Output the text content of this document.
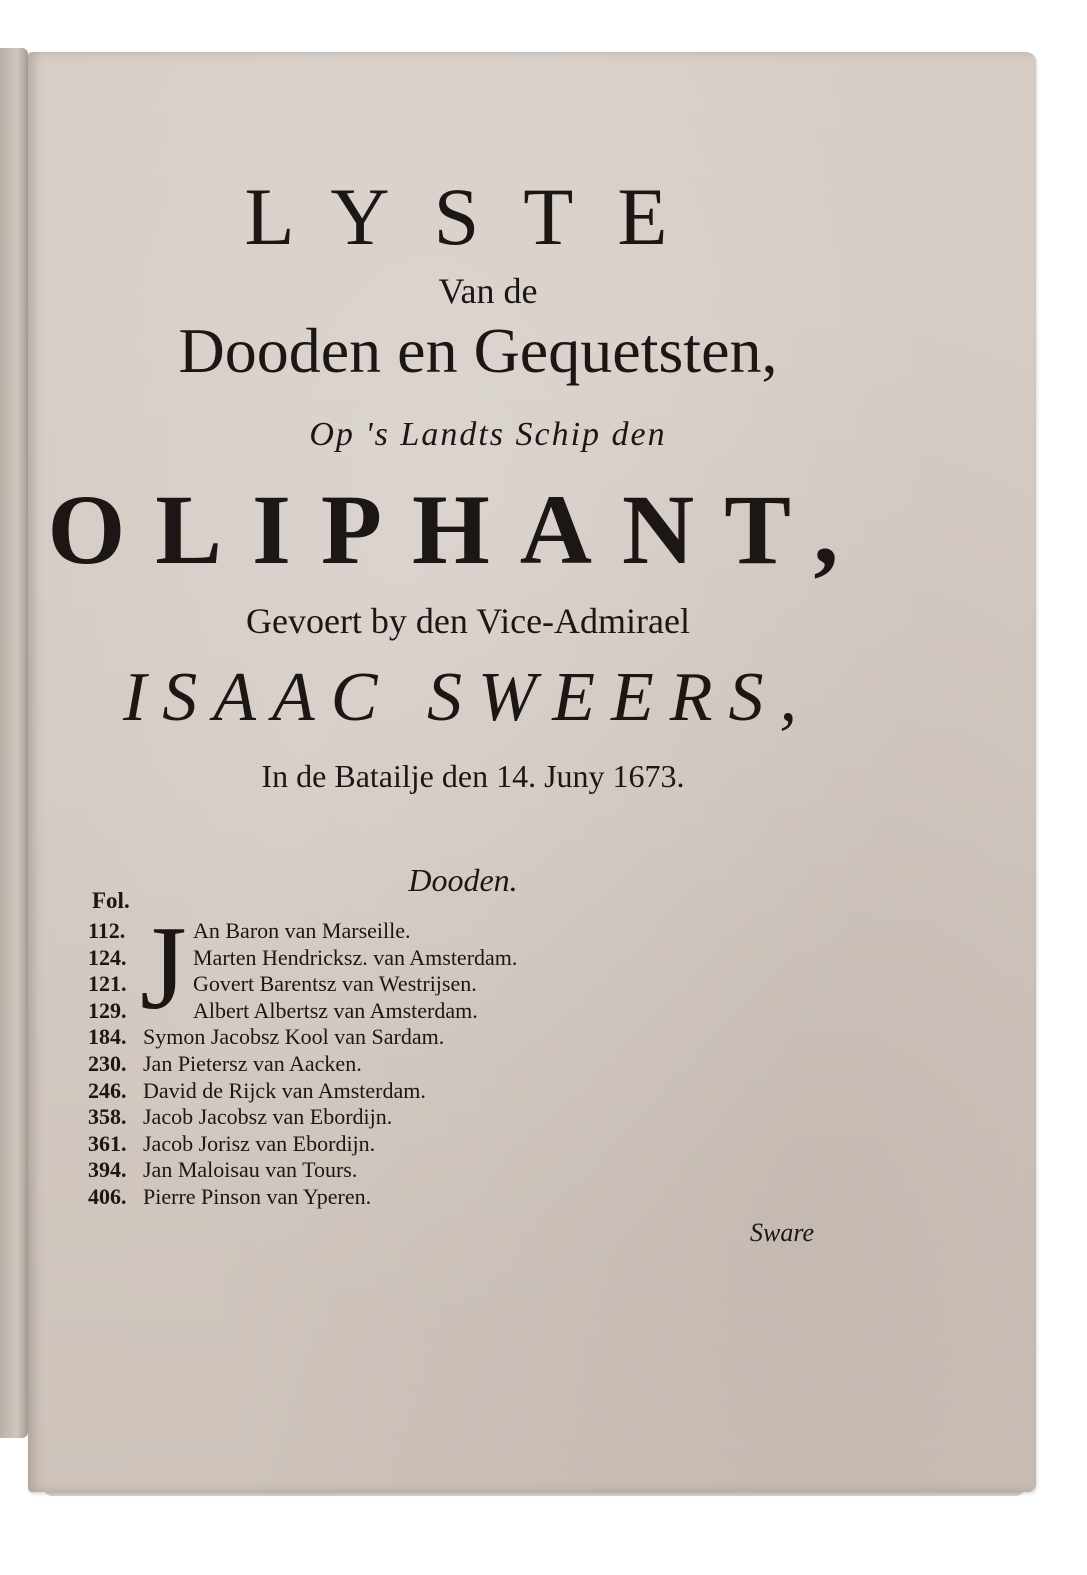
LYSTE
Van de
Dooden en Gequetsten,
Op 's Landts Schip den
OLIPHANT,
Gevoert by den Vice-Admirael
ISAAC SWEERS,
In de Batailje den 14. Juny 1673.
Dooden.
Fol.
J
112.	An Baron van Marseille.
124.	Marten Hendricksz. van Amsterdam.
121.	Govert Barentsz van Westrijsen.
129.	Albert Albertsz van Amsterdam.
184. Symon Jacobsz Kool van Sardam.
230. Jan Pietersz van Aacken.
246. David de Rijck van Amsterdam.
358. Jacob Jacobsz van Ebordijn.
361. Jacob Jorisz van Ebordijn.
394. Jan Maloisau van Tours.
406. Pierre Pinson van Yperen.
Sware
